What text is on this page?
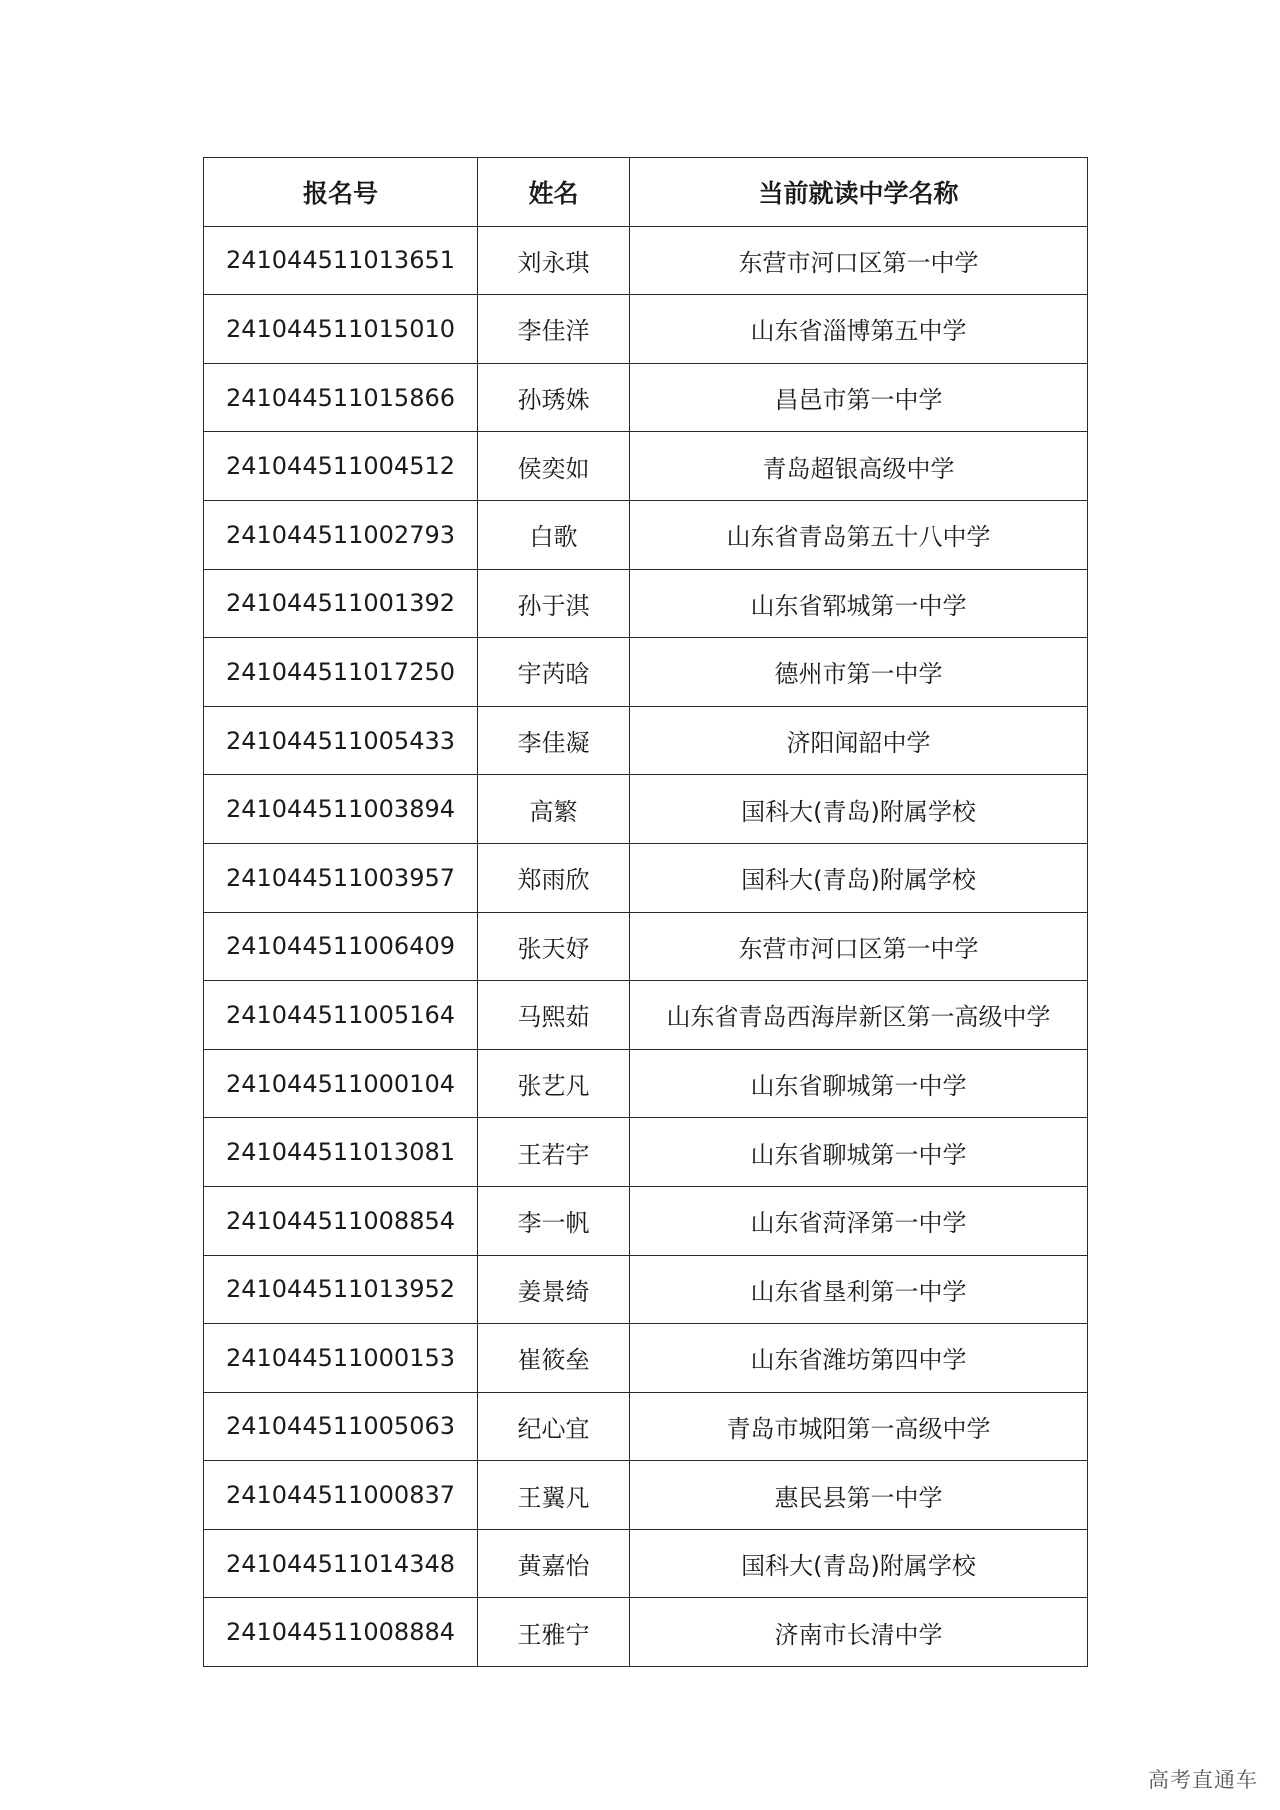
报名号	姓名	当前就读中学名称
241044511013651	刘永琪	东营市河口区第一中学
241044511015010	李佳洋	山东省淄博第五中学
241044511015866	孙琇姝	昌邑市第一中学
241044511004512	侯奕如	青岛超银高级中学
241044511002793	白歌	山东省青岛第五十八中学
241044511001392	孙于淇	山东省郓城第一中学
241044511017250	宇芮晗	德州市第一中学
241044511005433	李佳凝	济阳闻韶中学
241044511003894	高繁	国科大(青岛)附属学校
241044511003957	郑雨欣	国科大(青岛)附属学校
241044511006409	张天妤	东营市河口区第一中学
241044511005164	马熙茹	山东省青岛西海岸新区第一高级中学
241044511000104	张艺凡	山东省聊城第一中学
241044511013081	王若宇	山东省聊城第一中学
241044511008854	李一帆	山东省菏泽第一中学
241044511013952	姜景绮	山东省垦利第一中学
241044511000153	崔筱垒	山东省潍坊第四中学
241044511005063	纪心宜	青岛市城阳第一高级中学
241044511000837	王翼凡	惠民县第一中学
241044511014348	黄嘉怡	国科大(青岛)附属学校
241044511008884	王雅宁	济南市长清中学
高考直通车
